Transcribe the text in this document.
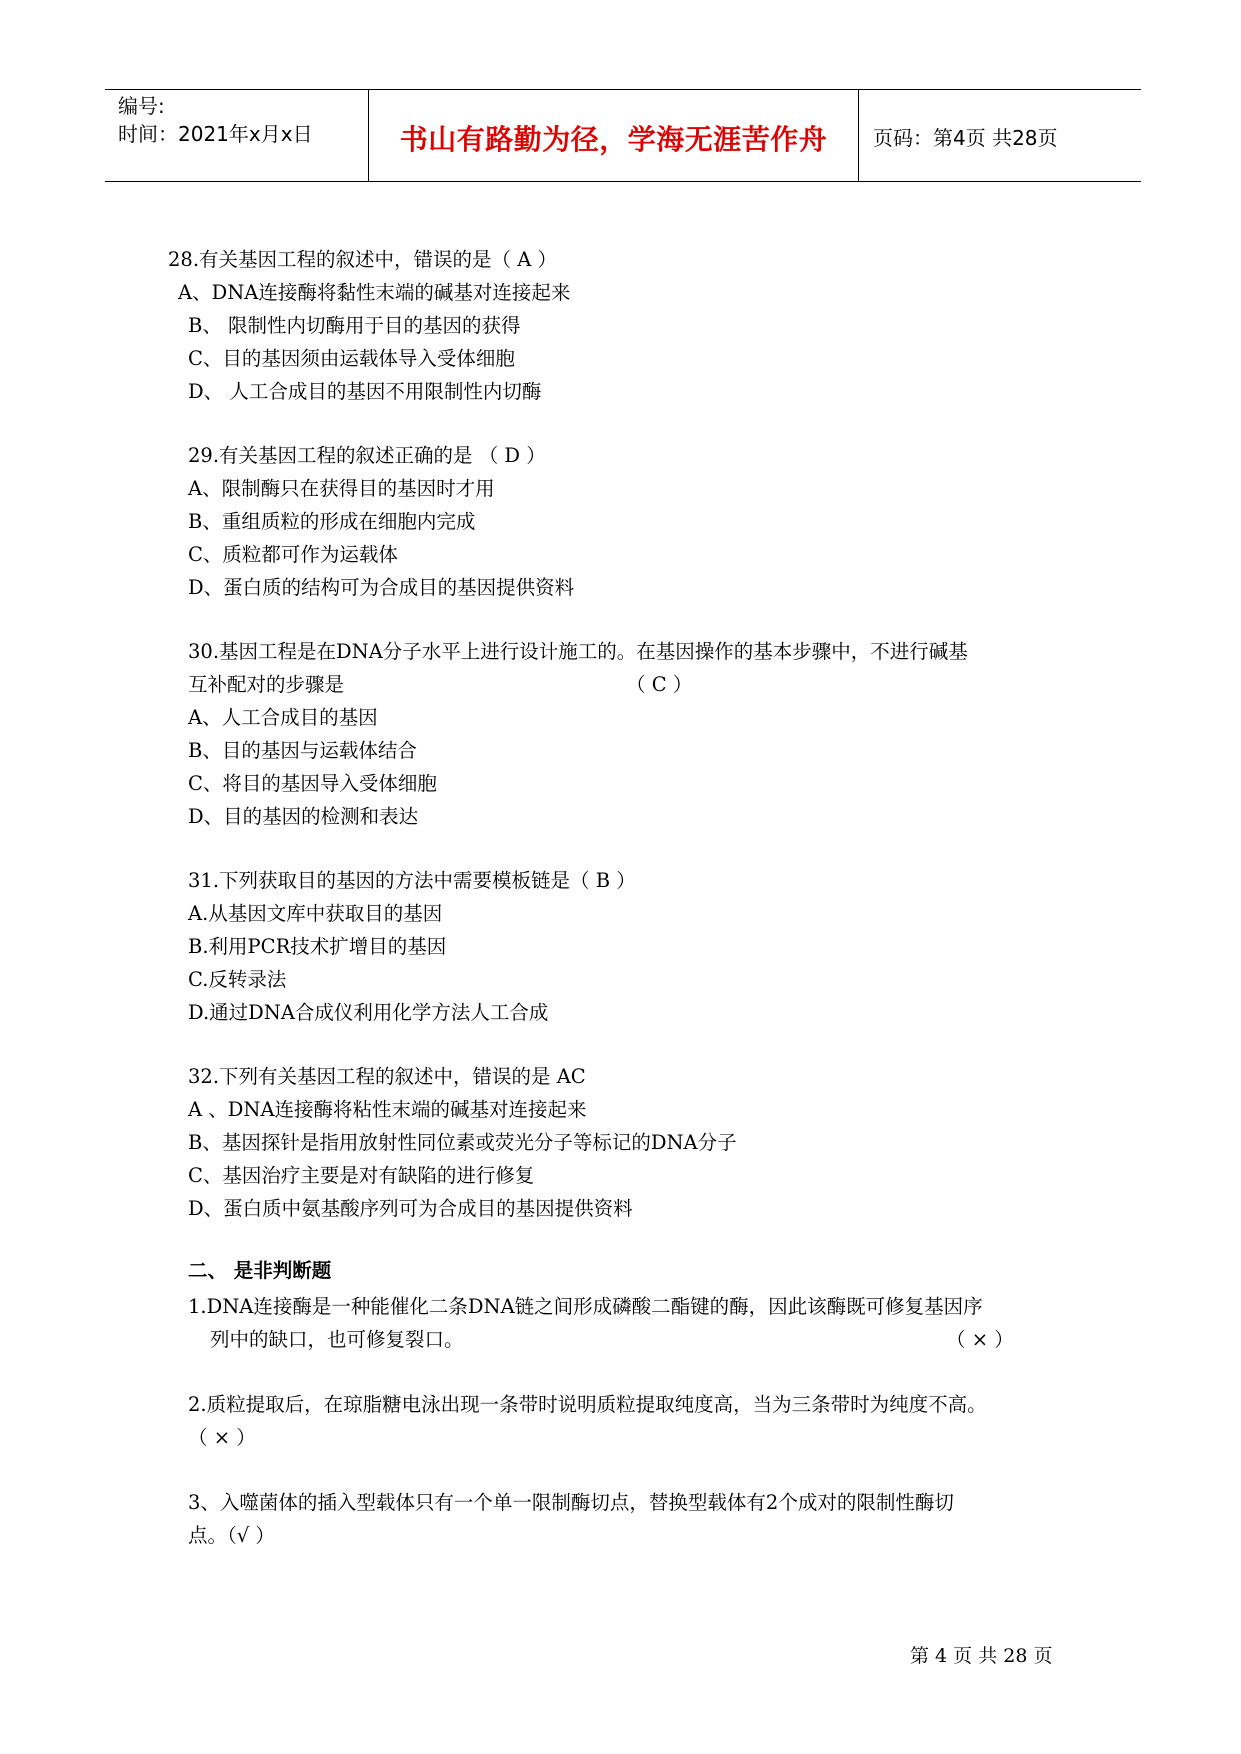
编号:
时间：2021年x月x日	书山有路勤为径，学海无涯苦作舟	页码：第4页 共28页
28.有关基因工程的叙述中，错误的是（ A ）
A、DNA连接酶将黏性末端的碱基对连接起来
B、 限制性内切酶用于目的基因的获得
C、目的基因须由运载体导入受体细胞
D、 人工合成目的基因不用限制性内切酶
29.有关基因工程的叙述正确的是 （ D ）
A、限制酶只在获得目的基因时才用
B、重组质粒的形成在细胞内完成
C、质粒都可作为运载体
D、蛋白质的结构可为合成目的基因提供资料
30.基因工程是在DNA分子水平上进行设计施工的。在基因操作的基本步骤中，不进行碱基
互补配对的步骤是	（ C ）
A、人工合成目的基因
B、目的基因与运载体结合
C、将目的基因导入受体细胞
D、目的基因的检测和表达
31.下列获取目的基因的方法中需要模板链是（ B ）
A.从基因文库中获取目的基因
B.利用PCR技术扩增目的基因
C.反转录法
D.通过DNA合成仪利用化学方法人工合成
32.下列有关基因工程的叙述中，错误的是 AC
A 、DNA连接酶将粘性末端的碱基对连接起来
B、基因探针是指用放射性同位素或荧光分子等标记的DNA分子
C、基因治疗主要是对有缺陷的进行修复
D、蛋白质中氨基酸序列可为合成目的基因提供资料
二、 是非判断题
1.DNA连接酶是一种能催化二条DNA链之间形成磷酸二酯键的酶，因此该酶既可修复基因序
列中的缺口，也可修复裂口。	（ × ）
2.质粒提取后，在琼脂糖电泳出现一条带时说明质粒提取纯度高，当为三条带时为纯度不高。
（ × ）
3、入噬菌体的插入型载体只有一个单一限制酶切点，替换型载体有2个成对的限制性酶切
点。（√ ）
第 4 页 共 28 页
